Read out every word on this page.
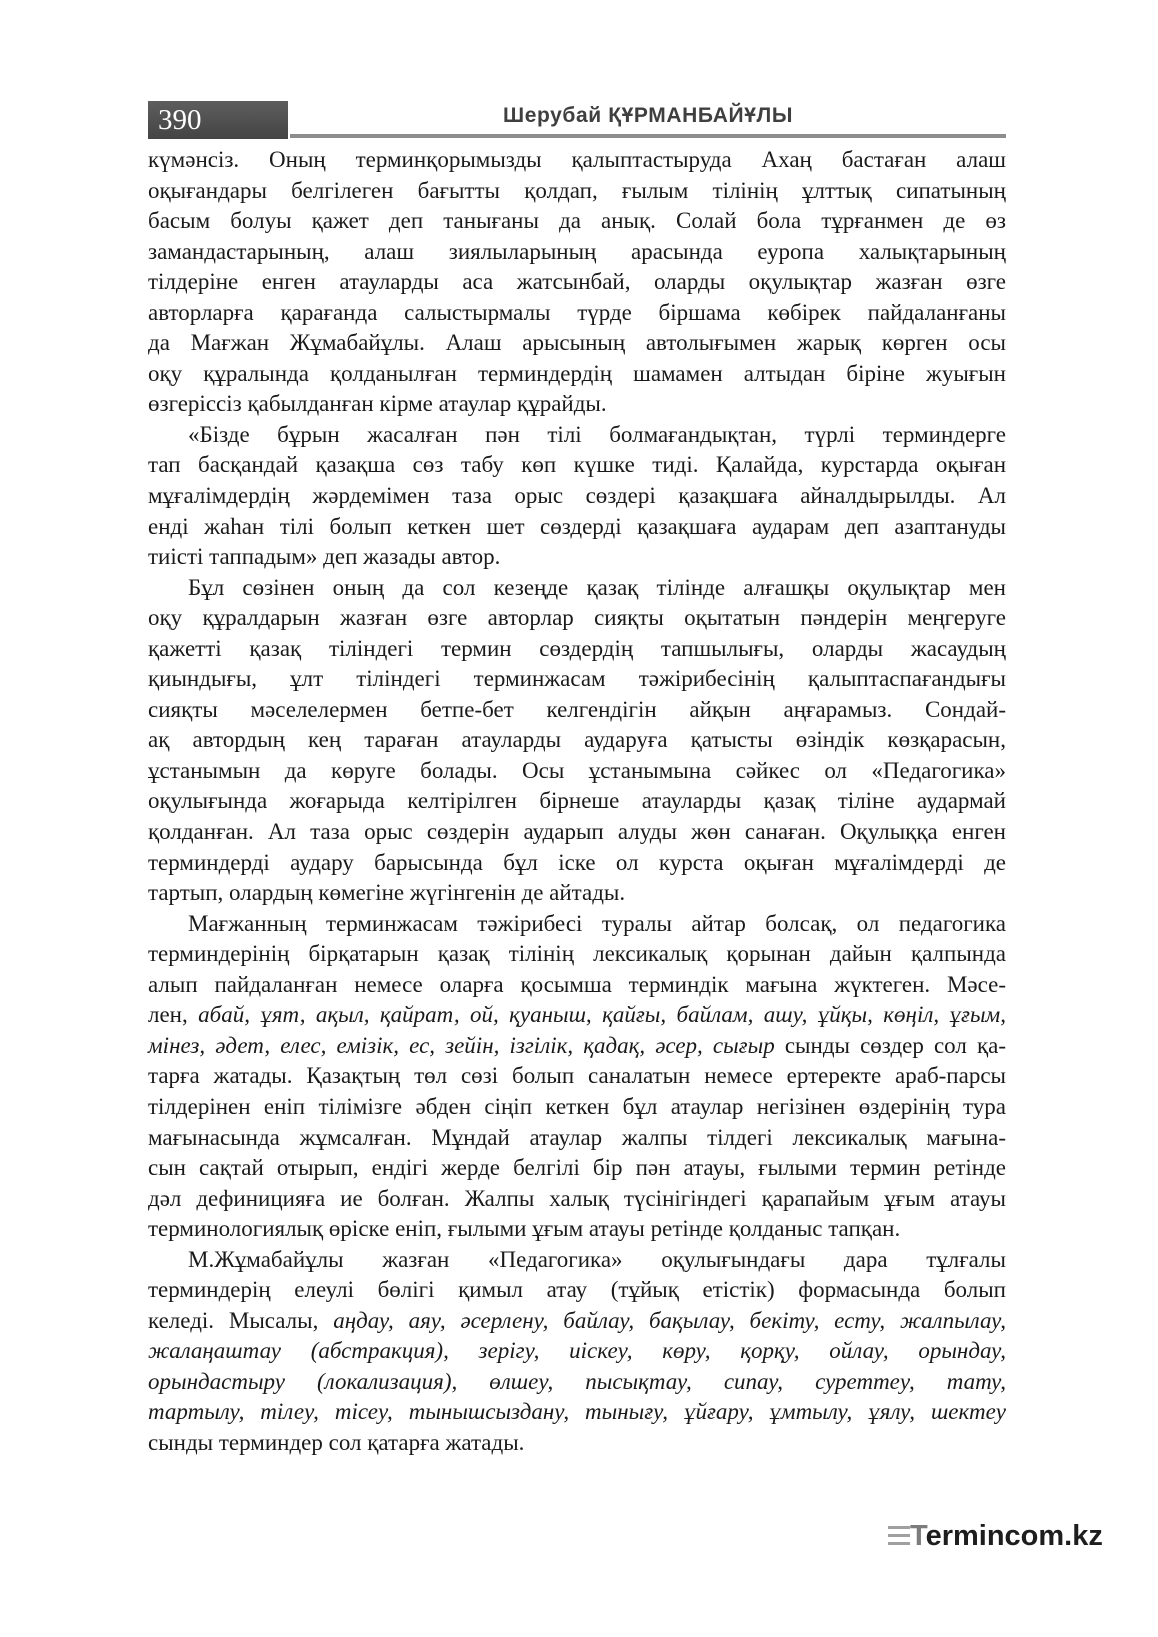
390	Шерубай ҚҰРМАНБАЙҰЛЫ
күмәнсіз. Оның терминқорымызды қалыптастыруда Ахаң бастаған алаш
оқығандары белгілеген бағытты қолдап, ғылым тілінің ұлттық сипатының
басым болуы қажет деп танығаны да анық. Солай бола тұрғанмен де өз
замандастарының, алаш зиялыларының арасында еуропа халықтарының
тілдеріне енген атауларды аса жатсынбай, оларды оқулықтар жазған өзге
авторларға қарағанда салыстырмалы түрде біршама көбірек пайдаланғаны
да Мағжан Жұмабайұлы. Алаш арысының автолығымен жарық көрген осы
оқу құралында қолданылған терминдердің шамамен алтыдан біріне жуығын
өзгеріссіз қабылданған кірме атаулар құрайды.
«Бізде бұрын жасалған пән тілі болмағандықтан, түрлі терминдерге
тап басқандай қазақша сөз табу көп күшке тиді. Қалайда, курстарда оқыған
мұғалімдердің жәрдемімен таза орыс сөздері қазақшаға айналдырылды. Ал
енді жаһан тілі болып кеткен шет сөздерді қазақшаға аударам деп азаптануды
тиісті таппадым» деп жазады автор.
Бұл сөзінен оның да сол кезеңде қазақ тілінде алғашқы оқулықтар мен
оқу құралдарын жазған өзге авторлар сияқты оқытатын пәндерін меңгеруге
қажетті қазақ тіліндегі термин сөздердің тапшылығы, оларды жасаудың
қиындығы, ұлт тіліндегі терминжасам тәжірибесінің қалыптаспағандығы
сияқты мәселелермен бетпе-бет келгендігін айқын аңғарамыз. Сондай-
ақ автордың кең тараған атауларды аударуға қатысты өзіндік көзқарасын,
ұстанымын да көруге болады. Осы ұстанымына сәйкес ол «Педагогика»
оқулығында жоғарыда келтірілген бірнеше атауларды қазақ тіліне аудармай
қолданған. Ал таза орыс сөздерін аударып алуды жөн санаған. Оқулыққа енген
терминдерді аудару барысында бұл іске ол курста оқыған мұғалімдерді де
тартып, олардың көмегіне жүгінгенін де айтады.
Мағжанның терминжасам тәжірибесі туралы айтар болсақ, ол педагогика
терминдерінің бірқатарын қазақ тілінің лексикалық қорынан дайын қалпында
алып пайдаланған немесе оларға қосымша терминдік мағына жүктеген. Мәсе-
лен, абай, ұят, ақыл, қайрат, ой, қуаныш, қайғы, байлам, ашу, ұйқы, көңіл, ұғым,
мінез, әдет, елес, емізік, ес, зейін, ізгілік, қадақ, әсер, сығыр сынды сөздер сол қа-
тарға жатады. Қазақтың төл сөзі болып саналатын немесе ертеректе араб-парсы
тілдерінен еніп тілімізге әбден сіңіп кеткен бұл атаулар негізінен өздерінің тура
мағынасында жұмсалған. Мұндай атаулар жалпы тілдегі лексикалық мағына-
сын сақтай отырып, ендігі жерде белгілі бір пән атауы, ғылыми термин ретінде
дәл дефиницияға ие болған. Жалпы халық түсінігіндегі қарапайым ұғым атауы
терминологиялық өріске еніп, ғылыми ұғым атауы ретінде қолданыс тапқан.
М.Жұмабайұлы жазған «Педагогика» оқулығындағы дара тұлғалы
терминдерің елеулі бөлігі қимыл атау (тұйық етістік) формасында болып
келеді. Мысалы, аңдау, аяу, әсерлену, байлау, бақылау, бекіту, есту, жалпылау,
жалаңаштау (абстракция), зерігу, иіскеу, көру, қорқу, ойлау, орындау,
орындастыру (локализация), өлшеу, пысықтау, сипау, суреттеу, тату,
тартылу, тілеу, тісеу, тынышсыздану, тынығу, ұйғару, ұмтылу, ұялу, шектеу
сынды терминдер сол қатарға жатады.
Termincom.kz
